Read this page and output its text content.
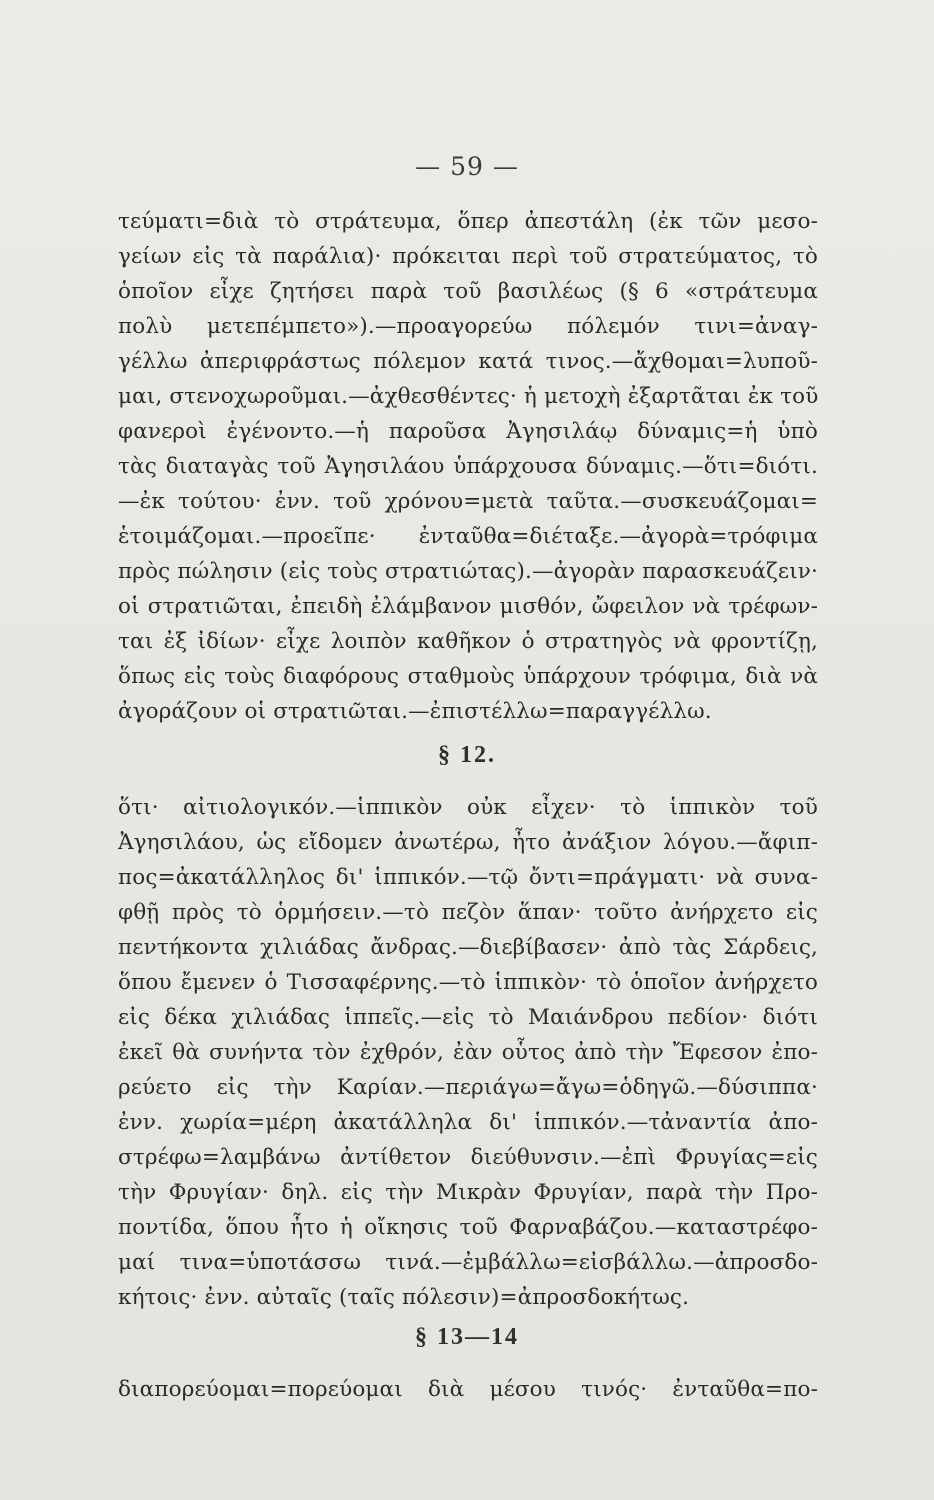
— 59 —
τεύματι=διὰ τὸ στράτευμα, ὅπερ ἀπεστάλη (ἐκ τῶν μεσο-
γείων εἰς τὰ παράλια)· πρόκειται περὶ τοῦ στρατεύματος, τὸ
ὁποῖον εἶχε ζητήσει παρὰ τοῦ βασιλέως (§ 6 «στράτευμα
πολὺ μετεπέμπετο»).—προαγορεύω πόλεμόν τινι=ἀναγ-
γέλλω ἀπεριφράστως πόλεμον κατά τινος.—ἄχθομαι=λυποῦ-
μαι, στενοχωροῦμαι.—ἀχθεσθέντες· ἡ μετοχὴ ἐξαρτᾶται ἐκ τοῦ
φανεροὶ ἐγένοντο.—ἡ παροῦσα Ἀγησιλάῳ δύναμις=ἡ ὑπὸ
τὰς διαταγὰς τοῦ Ἀγησιλάου ὑπάρχουσα δύναμις.—ὅτι=διότι.
—ἐκ τούτου· ἐνν. τοῦ χρόνου=μετὰ ταῦτα.—συσκευάζομαι=
ἑτοιμάζομαι.—προεῖπε· ἐνταῦθα=διέταξε.—ἀγορὰ=τρόφιμα
πρὸς πώλησιν (εἰς τοὺς στρατιώτας).—ἀγορὰν παρασκευάζειν·
οἱ στρατιῶται, ἐπειδὴ ἐλάμβανον μισθόν, ὤφειλον νὰ τρέφων-
ται ἐξ ἰδίων· εἶχε λοιπὸν καθῆκον ὁ στρατηγὸς νὰ φροντίζῃ,
ὅπως εἰς τοὺς διαφόρους σταθμοὺς ὑπάρχουν τρόφιμα, διὰ νὰ
ἀγοράζουν οἱ στρατιῶται.—ἐπιστέλλω=παραγγέλλω.
§ 12.
ὅτι· αἰτιολογικόν.—ἱππικὸν οὐκ εἶχεν· τὸ ἱππικὸν τοῦ
Ἀγησιλάου, ὡς εἴδομεν ἀνωτέρω, ἦτο ἀνάξιον λόγου.—ἄφιπ-
πος=ἀκατάλληλος δι' ἱππικόν.—τῷ ὄντι=πράγματι· νὰ συνα-
φθῇ πρὸς τὸ ὁρμήσειν.—τὸ πεζὸν ἅπαν· τοῦτο ἀνήρχετο εἰς
πεντήκοντα χιλιάδας ἄνδρας.—διεβίβασεν· ἀπὸ τὰς Σάρδεις,
ὅπου ἔμενεν ὁ Τισσαφέρνης.—τὸ ἱππικὸν· τὸ ὁποῖον ἀνήρχετο
εἰς δέκα χιλιάδας ἱππεῖς.—εἰς τὸ Μαιάνδρου πεδίον· διότι
ἐκεῖ θὰ συνήντα τὸν ἐχθρόν, ἐὰν οὗτος ἀπὸ τὴν Ἔφεσον ἐπο-
ρεύετο εἰς τὴν Καρίαν.—περιάγω=ἄγω=ὁδηγῶ.—δύσιππα·
ἐνν. χωρία=μέρη ἀκατάλληλα δι' ἱππικόν.—τἀναντία ἀπο-
στρέφω=λαμβάνω ἀντίθετον διεύθυνσιν.—ἐπὶ Φρυγίας=εἰς
τὴν Φρυγίαν· δηλ. εἰς τὴν Μικρὰν Φρυγίαν, παρὰ τὴν Προ-
ποντίδα, ὅπου ἦτο ἡ οἴκησις τοῦ Φαρναβάζου.—καταστρέφο-
μαί τινα=ὑποτάσσω τινά.—ἐμβάλλω=εἰσβάλλω.—ἀπροσδο-
κήτοις· ἐνν. αὐταῖς (ταῖς πόλεσιν)=ἀπροσδοκήτως.
§ 13—14
διαπορεύομαι=πορεύομαι διὰ μέσου τινός· ἐνταῦθα=πο-
